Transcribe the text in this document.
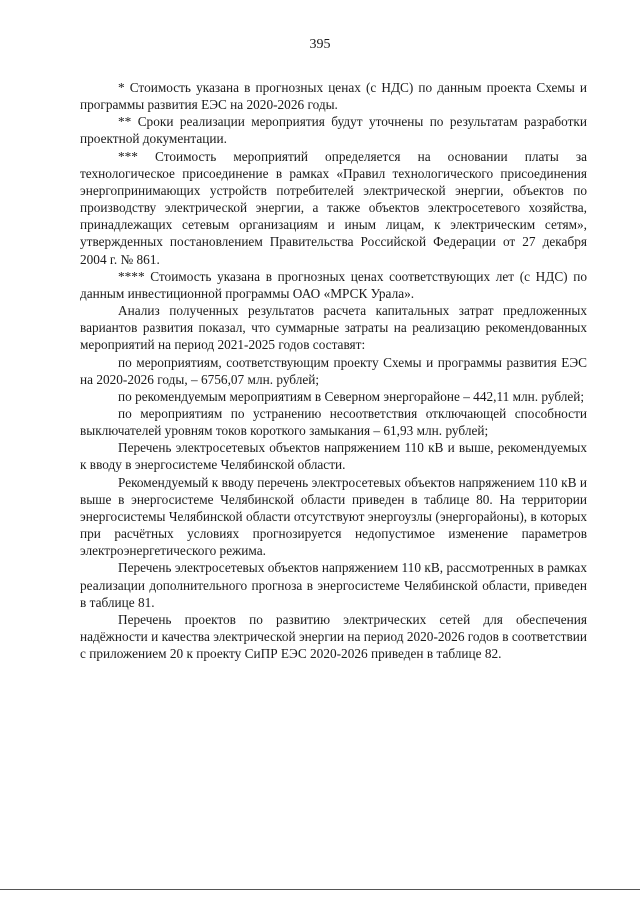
395

* Стоимость указана в прогнозных ценах (с НДС) по данным проекта Схемы и программы развития ЕЭС на 2020-2026 годы.

** Сроки реализации мероприятия будут уточнены по результатам разработки проектной документации.

*** Стоимость мероприятий определяется на основании платы за технологическое присоединение в рамках «Правил технологического присоединения энергопринимающих устройств потребителей электрической энергии, объектов по производству электрической энергии, а также объектов электросетевого хозяйства, принадлежащих сетевым организациям и иным лицам, к электрическим сетям», утвержденных постановлением Правительства Российской Федерации от 27 декабря 2004 г. № 861.

**** Стоимость указана в прогнозных ценах соответствующих лет (с НДС) по данным инвестиционной программы ОАО «МРСК Урала».

Анализ полученных результатов расчета капитальных затрат предложенных вариантов развития показал, что суммарные затраты на реализацию рекомендованных мероприятий на период 2021-2025 годов составят:

по мероприятиям, соответствующим проекту Схемы и программы развития ЕЭС на 2020-2026 годы, – 6756,07 млн. рублей;

по рекомендуемым мероприятиям в Северном энергорайоне – 442,11 млн. рублей;

по мероприятиям по устранению несоответствия отключающей способности выключателей уровням токов короткого замыкания – 61,93 млн. рублей;

Перечень электросетевых объектов напряжением 110 кВ и выше, рекомендуемых к вводу в энергосистеме Челябинской области.

Рекомендуемый к вводу перечень электросетевых объектов напряжением 110 кВ и выше в энергосистеме Челябинской области приведен в таблице 80. На территории энергосистемы Челябинской области отсутствуют энергоузлы (энергорайоны), в которых при расчётных условиях прогнозируется недопустимое изменение параметров электроэнергетического режима.

Перечень электросетевых объектов напряжением 110 кВ, рассмотренных в рамках реализации дополнительного прогноза в энергосистеме Челябинской области, приведен в таблице 81.

Перечень проектов по развитию электрических сетей для обеспечения надёжности и качества электрической энергии на период 2020-2026 годов в соответствии с приложением 20 к проекту СиПР ЕЭС 2020-2026 приведен в таблице 82.
